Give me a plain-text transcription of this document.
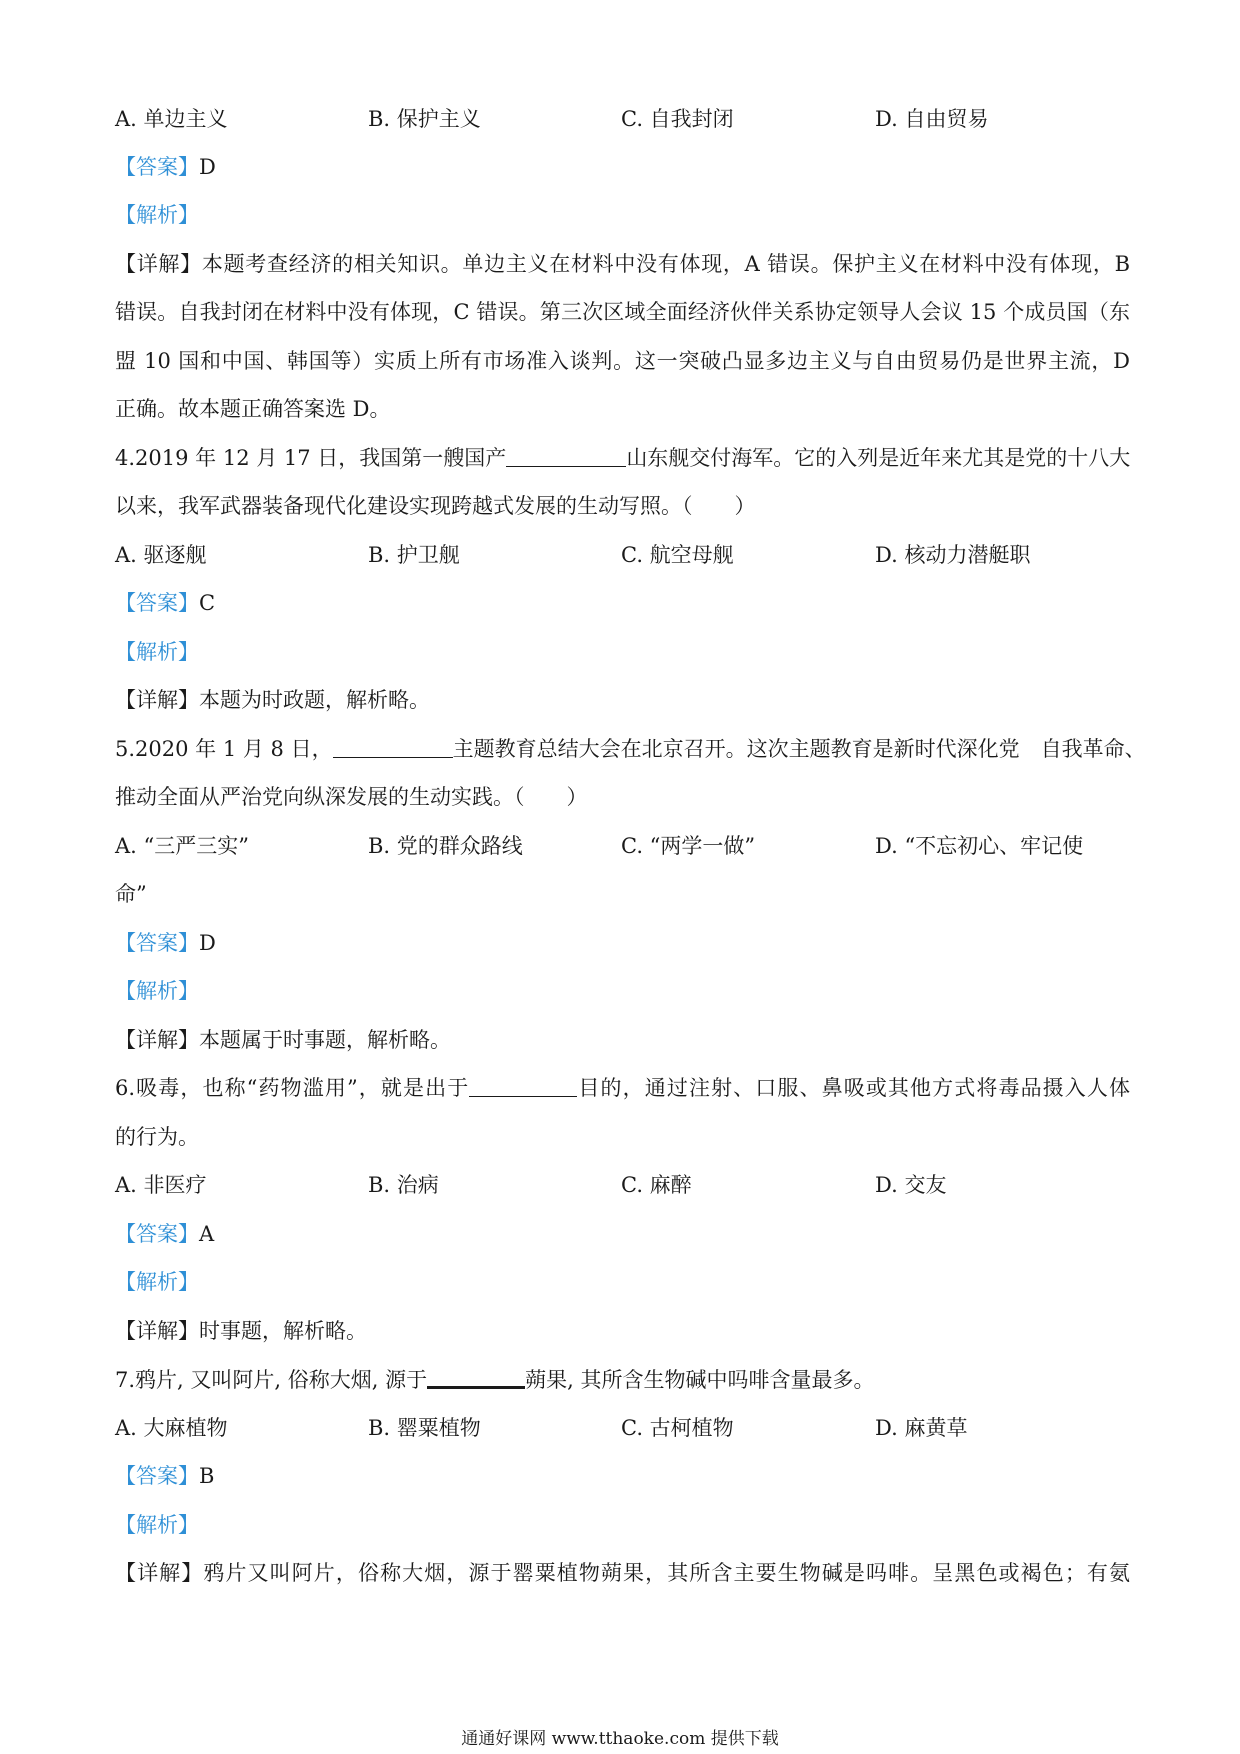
A. 单边主义	B. 保护主义	C. 自我封闭	D. 自由贸易
【答案】D
【解析】
【详解】本题考查经济的相关知识。单边主义在材料中没有体现，A 错误。保护主义在材料中没有体现，B
错误。自我封闭在材料中没有体现，C 错误。第三次区域全面经济伙伴关系协定领导人会议 15 个成员国（东
盟 10 国和中国、韩国等）实质上所有市场准入谈判。这一突破凸显多边主义与自由贸易仍是世界主流，D
正确。故本题正确答案选 D。
4.2019 年 12 月 17 日，我国第一艘国产	山东舰交付海军。它的入列是近年来尤其是党的十八大
以来，我军武器装备现代化建设实现跨越式发展的生动写照。（　　）
A. 驱逐舰	B. 护卫舰	C. 航空母舰	D. 核动力潜艇职
【答案】C
【解析】
【详解】本题为时政题，解析略。
5.2020 年 1 月 8 日，	主题教育总结大会在北京召开。这次主题教育是新时代深化党　自我革命、
推动全面从严治党向纵深发展的生动实践。（　　）
A. “三严三实”	B. 党的群众路线	C. “两学一做”	D. “不忘初心、牢记使
命”
【答案】D
【解析】
【详解】本题属于时事题，解析略。
6.吸毒，也称“药物滥用”，就是出于	目的，通过注射、口服、鼻吸或其他方式将毒品摄入人体
的行为。
A. 非医疗	B. 治病	C. 麻醉	D. 交友
【答案】A
【解析】
【详解】时事题，解析略。
7.鸦片, 又叫阿片, 俗称大烟, 源于	蒴果, 其所含生物碱中吗啡含量最多。
A. 大麻植物	B. 罂粟植物	C. 古柯植物	D. 麻黄草
【答案】B
【解析】
【详解】鸦片又叫阿片，俗称大烟，源于罂粟植物蒴果，其所含主要生物碱是吗啡。呈黑色或褐色；有氨
通通好课网 www.tthaoke.com 提供下载
